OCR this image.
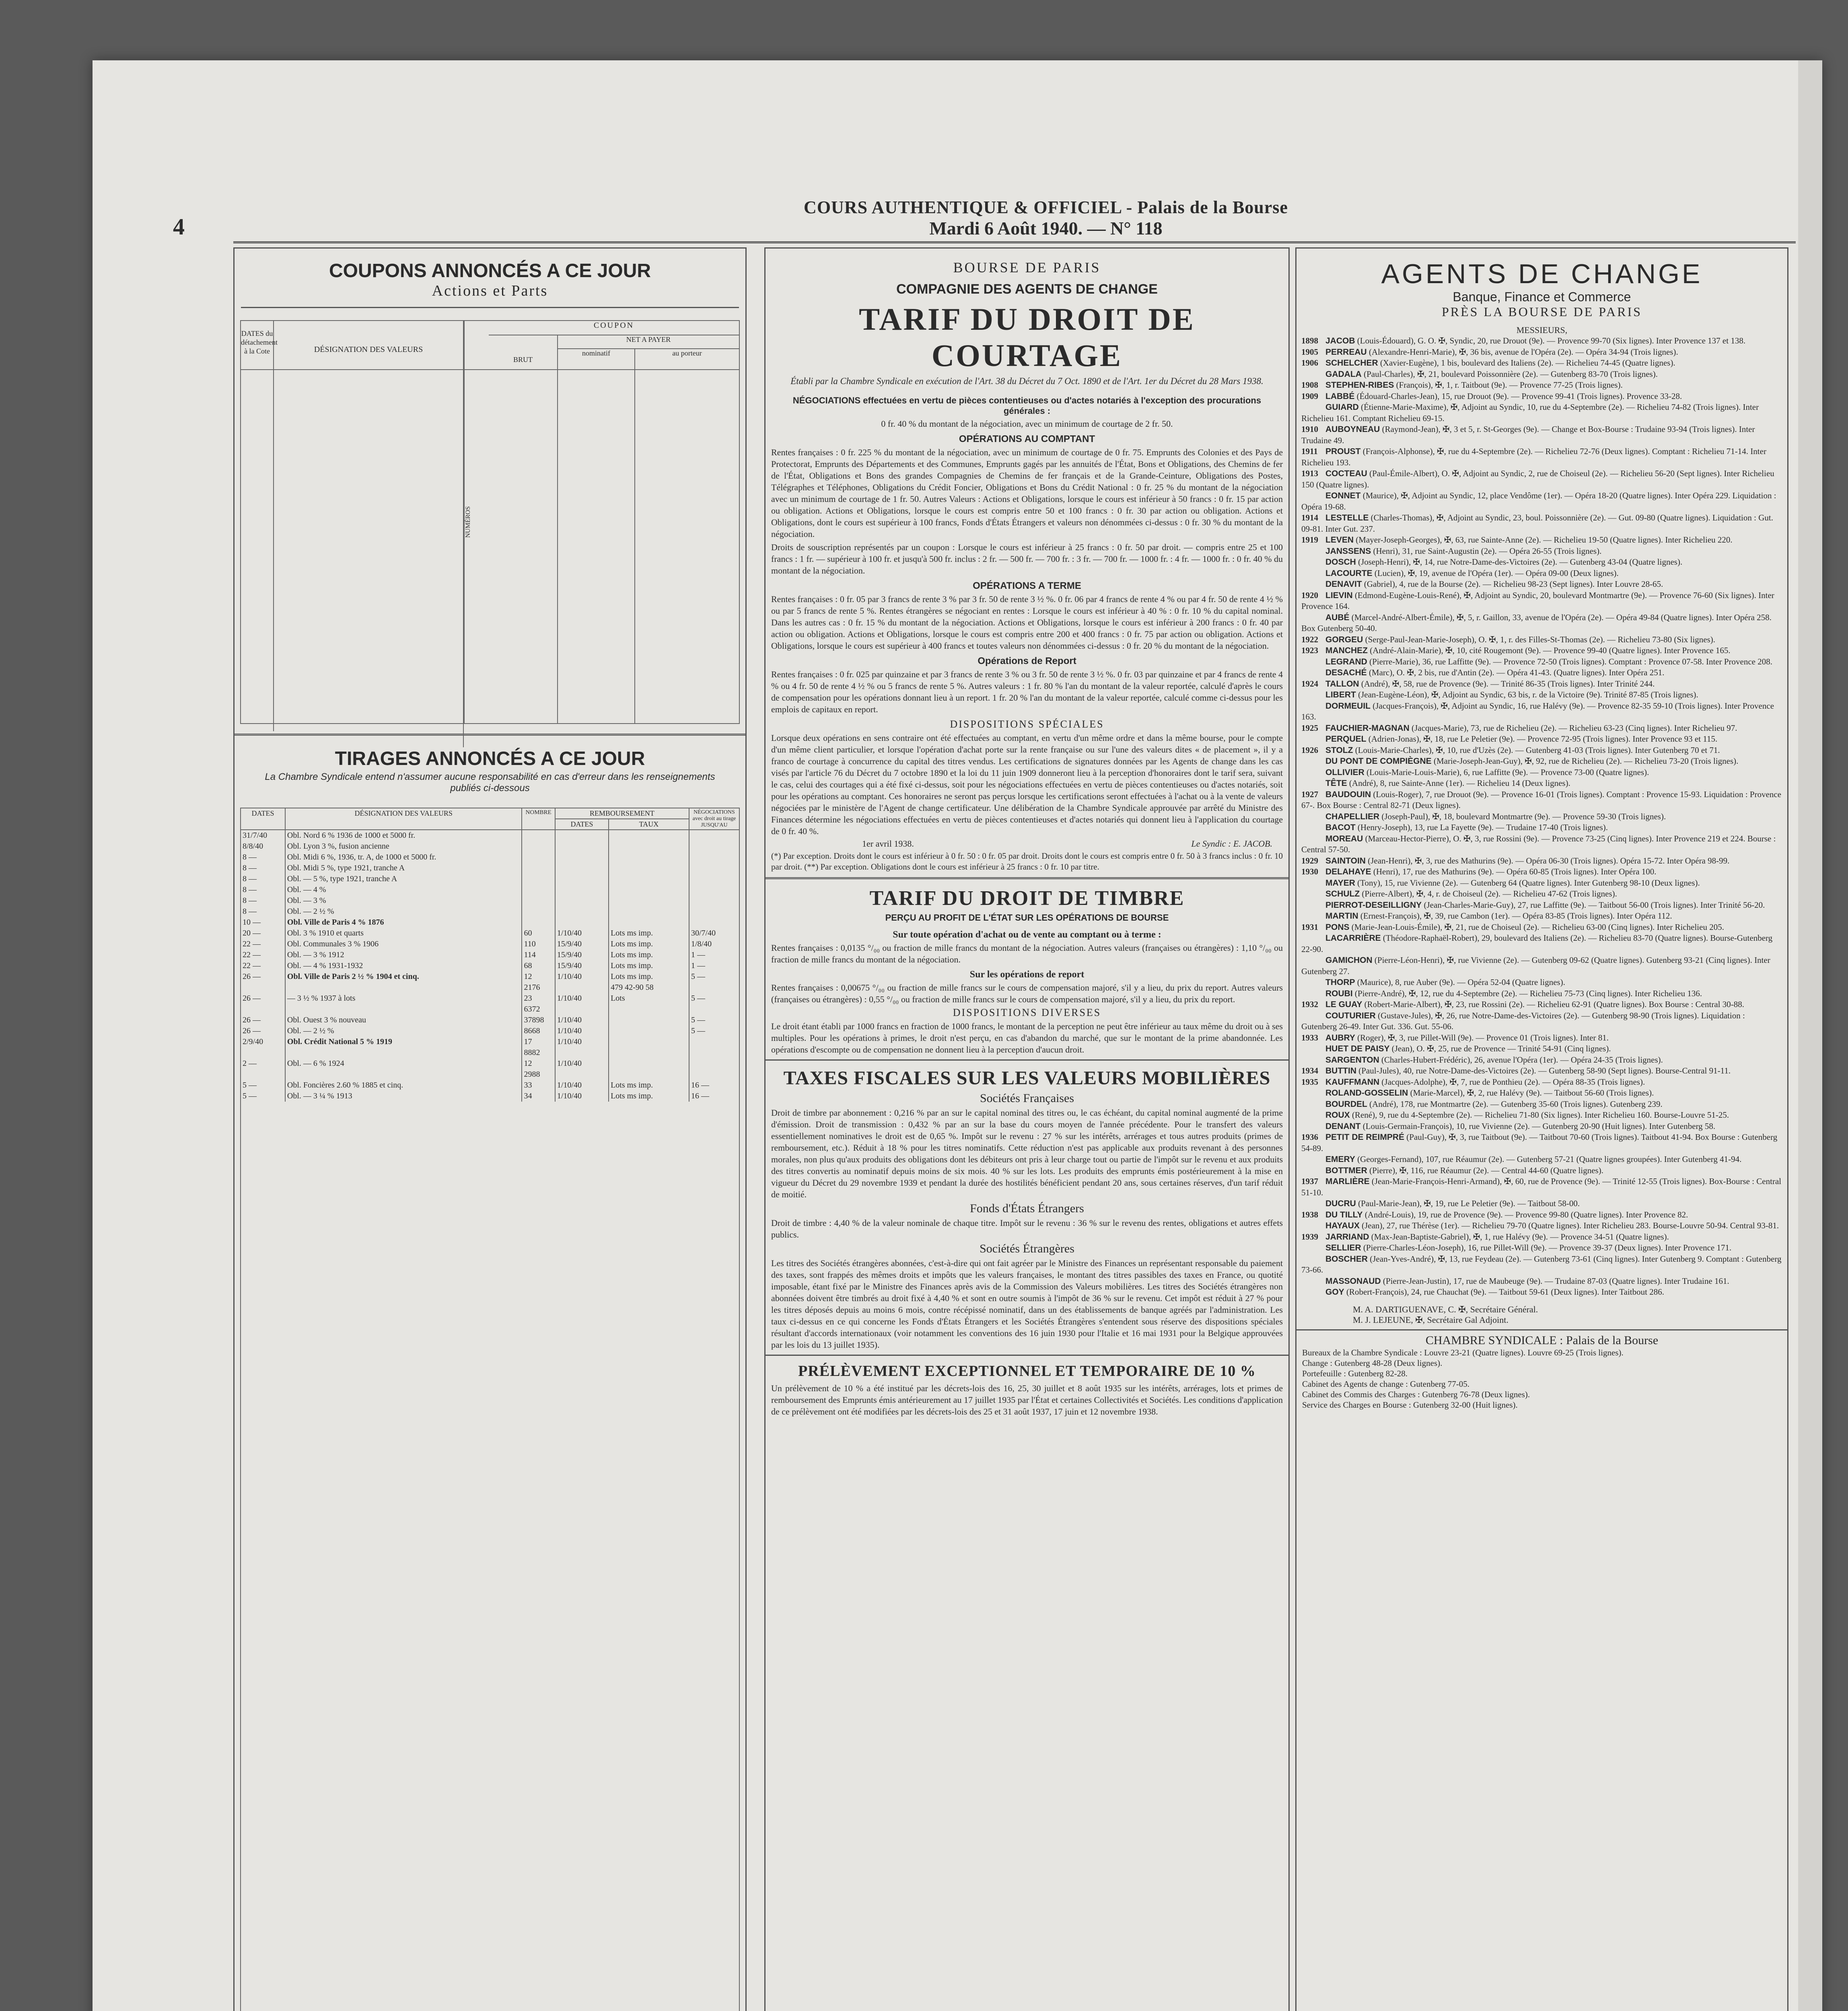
4
COURS AUTHENTIQUE & OFFICIEL - Palais de la Bourse
Mardi 6 Août 1940. — N° 118
COUPONS ANNONCÉS A CE JOUR
Actions et Parts
DATES du détachement à la Cote	DÉSIGNATION DES VALEURS
NUMÉROS
COUPON
BRUT
NET A PAYER
nominatif	au porteur
TIRAGES ANNONCÉS A CE JOUR
La Chambre Syndicale entend n'assumer aucune responsabilité en cas d'erreur dans les renseignements publiés ci-dessous
DATES	DÉSIGNATION DES VALEURS	NOMBRE	REMBOURSEMENT		NÉGOCIATIONS avec droit au tirage JUSQU'AU
			DATES	TAUX	
31/7/40	Obl. Nord 6 % 1936 de 1000 et 5000 fr.				
8/8/40	Obl. Lyon 3 %, fusion ancienne				
8 —	Obl. Midi 6 %, 1936, tr. A, de 1000 et 5000 fr.				
8 —	Obl. Midi 5 %, type 1921, tranche A				
8 —	Obl. — 5 %, type 1921, tranche A				
8 —	Obl. — 4 %				
8 —	Obl. — 3 %				
8 —	Obl. — 2 ½ %				
10 —	Obl. Ville de Paris 4 % 1876				
20 —	Obl. 3 % 1910 et quarts	60	1/10/40	Lots ms imp.	30/7/40
22 —	Obl. Communales 3 % 1906	110	15/9/40	Lots ms imp.	1/8/40
22 —	Obl. — 3 % 1912	114	15/9/40	Lots ms imp.	1 —
22 —	Obl. — 4 % 1931-1932	68	15/9/40	Lots ms imp.	1 —
26 —	Obl. Ville de Paris 2 ½ % 1904 et cinq.	12	1/10/40	Lots ms imp.	5 —
		2176		479 42-90 58	
26 —	— 3 ½ % 1937 à lots	23	1/10/40	Lots	5 —
		6372			
26 —	Obl. Ouest 3 % nouveau	37898	1/10/40		5 —
26 —	Obl. — 2 ½ %	8668	1/10/40		5 —
2/9/40	Obl. Crédit National 5 % 1919	17	1/10/40		
		8882			
2 —	Obl. — 6 % 1924	12	1/10/40		
		2988			
5 —	Obl. Foncières 2.60 % 1885 et cinq.	33	1/10/40	Lots ms imp.	16 —
5 —	Obl. — 3 ¼ % 1913	34	1/10/40	Lots ms imp.	16 —
BOURSE DE PARIS
COMPAGNIE DES AGENTS DE CHANGE
TARIF DU DROIT DE COURTAGE
Établi par la Chambre Syndicale en exécution de l'Art. 38 du Décret du 7 Oct. 1890 et de l'Art. 1er du Décret du 28 Mars 1938.
NÉGOCIATIONS effectuées en vertu de pièces contentieuses ou d'actes notariés à l'exception des procurations générales :
0 fr. 40 % du montant de la négociation, avec un minimum de courtage de 2 fr. 50.
OPÉRATIONS AU COMPTANT
Rentes françaises : 0 fr. 225 % du montant de la négociation, avec un minimum de courtage de 0 fr. 75. Emprunts des Colonies et des Pays de Protectorat, Emprunts des Départements et des Communes, Emprunts gagés par les annuités de l'État, Bons et Obligations, des Chemins de fer de l'État, Obligations et Bons des grandes Compagnies de Chemins de fer français et de la Grande-Ceinture, Obligations des Postes, Télégraphes et Téléphones, Obligations du Crédit Foncier, Obligations et Bons du Crédit National : 0 fr. 25 % du montant de la négociation avec un minimum de courtage de 1 fr. 50. Autres Valeurs : Actions et Obligations, lorsque le cours est inférieur à 50 francs : 0 fr. 15 par action ou obligation. Actions et Obligations, lorsque le cours est compris entre 50 et 100 francs : 0 fr. 30 par action ou obligation. Actions et Obligations, dont le cours est supérieur à 100 francs, Fonds d'États Étrangers et valeurs non dénommées ci-dessus : 0 fr. 30 % du montant de la négociation.
Droits de souscription représentés par un coupon : Lorsque le cours est inférieur à 25 francs : 0 fr. 50 par droit. — compris entre 25 et 100 francs : 1 fr. — supérieur à 100 fr. et jusqu'à 500 fr. inclus : 2 fr. — 500 fr. — 700 fr. : 3 fr. — 700 fr. — 1000 fr. : 4 fr. — 1000 fr. : 0 fr. 40 % du montant de la négociation.
OPÉRATIONS A TERME
Rentes françaises : 0 fr. 05 par 3 francs de rente 3 % par 3 fr. 50 de rente 3 ½ %. 0 fr. 06 par 4 francs de rente 4 % ou par 4 fr. 50 de rente 4 ½ % ou par 5 francs de rente 5 %. Rentes étrangères se négociant en rentes : Lorsque le cours est inférieur à 40 % : 0 fr. 10 % du capital nominal. Dans les autres cas : 0 fr. 15 % du montant de la négociation. Actions et Obligations, lorsque le cours est inférieur à 200 francs : 0 fr. 40 par action ou obligation. Actions et Obligations, lorsque le cours est compris entre 200 et 400 francs : 0 fr. 75 par action ou obligation. Actions et Obligations, lorsque le cours est supérieur à 400 francs et toutes valeurs non dénommées ci-dessus : 0 fr. 20 % du montant de la négociation.
Opérations de Report
Rentes françaises : 0 fr. 025 par quinzaine et par 3 francs de rente 3 % ou 3 fr. 50 de rente 3 ½ %. 0 fr. 03 par quinzaine et par 4 francs de rente 4 % ou 4 fr. 50 de rente 4 ½ % ou 5 francs de rente 5 %. Autres valeurs : 1 fr. 80 % l'an du montant de la valeur reportée, calculé d'après le cours de compensation pour les opérations donnant lieu à un report. 1 fr. 20 % l'an du montant de la valeur reportée, calculé comme ci-dessus pour les emplois de capitaux en report.
DISPOSITIONS SPÉCIALES
Lorsque deux opérations en sens contraire ont été effectuées au comptant, en vertu d'un même ordre et dans la même bourse, pour le compte d'un même client particulier, et lorsque l'opération d'achat porte sur la rente française ou sur l'une des valeurs dites « de placement », il y a franco de courtage à concurrence du capital des titres vendus. Les certifications de signatures données par les Agents de change dans les cas visés par l'article 76 du Décret du 7 octobre 1890 et la loi du 11 juin 1909 donneront lieu à la perception d'honoraires dont le tarif sera, suivant le cas, celui des courtages qui a été fixé ci-dessus, soit pour les négociations effectuées en vertu de pièces contentieuses ou d'actes notariés, soit pour les opérations au comptant. Ces honoraires ne seront pas perçus lorsque les certifications seront effectuées à l'achat ou à la vente de valeurs négociées par le ministère de l'Agent de change certificateur. Une délibération de la Chambre Syndicale approuvée par arrêté du Ministre des Finances détermine les négociations effectuées en vertu de pièces contentieuses et d'actes notariés qui donnent lieu à l'application du courtage de 0 fr. 40 %.
1er avril 1938.	Le Syndic : E. JACOB.
(*) Par exception. Droits dont le cours est inférieur à 0 fr. 50 : 0 fr. 05 par droit. Droits dont le cours est compris entre 0 fr. 50 à 3 francs inclus : 0 fr. 10 par droit. (**) Par exception. Obligations dont le cours est inférieur à 25 francs : 0 fr. 10 par titre.
TARIF DU DROIT DE TIMBRE
PERÇU AU PROFIT DE L'ÉTAT SUR LES OPÉRATIONS DE BOURSE
Sur toute opération d'achat ou de vente au comptant ou à terme :
Rentes françaises : 0,0135 °/₀₀ ou fraction de mille francs du montant de la négociation. Autres valeurs (françaises ou étrangères) : 1,10 °/₀₀ ou fraction de mille francs du montant de la négociation.
Sur les opérations de report
Rentes françaises : 0,00675 °/₀₀ ou fraction de mille francs sur le cours de compensation majoré, s'il y a lieu, du prix du report. Autres valeurs (françaises ou étrangères) : 0,55 °/₀₀ ou fraction de mille francs sur le cours de compensation majoré, s'il y a lieu, du prix du report.
DISPOSITIONS DIVERSES
Le droit étant établi par 1000 francs en fraction de 1000 francs, le montant de la perception ne peut être inférieur au taux même du droit ou à ses multiples. Pour les opérations à primes, le droit n'est perçu, en cas d'abandon du marché, que sur le montant de la prime abandonnée. Les opérations d'escompte ou de compensation ne donnent lieu à la perception d'aucun droit.
TAXES FISCALES SUR LES VALEURS MOBILIÈRES
Sociétés Françaises
Droit de timbre par abonnement : 0,216 % par an sur le capital nominal des titres ou, le cas échéant, du capital nominal augmenté de la prime d'émission. Droit de transmission : 0,432 % par an sur la base du cours moyen de l'année précédente. Pour le transfert des valeurs essentiellement nominatives le droit est de 0,65 %. Impôt sur le revenu : 27 % sur les intérêts, arrérages et tous autres produits (primes de remboursement, etc.). Réduit à 18 % pour les titres nominatifs. Cette réduction n'est pas applicable aux produits revenant à des personnes morales, non plus qu'aux produits des obligations dont les débiteurs ont pris à leur charge tout ou partie de l'impôt sur le revenu et aux produits des titres convertis au nominatif depuis moins de six mois. 40 % sur les lots. Les produits des emprunts émis postérieurement à la mise en vigueur du Décret du 29 novembre 1939 et pendant la durée des hostilités bénéficient pendant 20 ans, sous certaines réserves, d'un tarif réduit de moitié.
Fonds d'États Étrangers
Droit de timbre : 4,40 % de la valeur nominale de chaque titre. Impôt sur le revenu : 36 % sur le revenu des rentes, obligations et autres effets publics.
Sociétés Étrangères
Les titres des Sociétés étrangères abonnées, c'est-à-dire qui ont fait agréer par le Ministre des Finances un représentant responsable du paiement des taxes, sont frappés des mêmes droits et impôts que les valeurs françaises, le montant des titres passibles des taxes en France, ou quotité imposable, étant fixé par le Ministre des Finances après avis de la Commission des Valeurs mobilières. Les titres des Sociétés étrangères non abonnées doivent être timbrés au droit fixé à 4,40 % et sont en outre soumis à l'impôt de 36 % sur le revenu. Cet impôt est réduit à 27 % pour les titres déposés depuis au moins 6 mois, contre récépissé nominatif, dans un des établissements de banque agréés par l'administration. Les taux ci-dessus en ce qui concerne les Fonds d'États Étrangers et les Sociétés Étrangères s'entendent sous réserve des dispositions spéciales résultant d'accords internationaux (voir notamment les conventions des 16 juin 1930 pour l'Italie et 16 mai 1931 pour la Belgique approuvées par les lois du 13 juillet 1935).
PRÉLÈVEMENT EXCEPTIONNEL ET TEMPORAIRE DE 10 %
Un prélèvement de 10 % a été institué par les décrets-lois des 16, 25, 30 juillet et 8 août 1935 sur les intérêts, arrérages, lots et primes de remboursement des Emprunts émis antérieurement au 17 juillet 1935 par l'État et certaines Collectivités et Sociétés. Les conditions d'application de ce prélèvement ont été modifiées par les décrets-lois des 25 et 31 août 1937, 17 juin et 12 novembre 1938.
AGENTS DE CHANGE
Banque, Finance et Commerce
PRÈS LA BOURSE DE PARIS
MESSIEURS,
1898 JACOB (Louis-Édouard), G. O. ✠, Syndic, 20, rue Drouot (9e). — Provence 99-70 (Six lignes). Inter Provence 137 et 138.
1905 PERREAU (Alexandre-Henri-Marie), ✠, 36 bis, avenue de l'Opéra (2e). — Opéra 34-94 (Trois lignes).
1906 SCHELCHER (Xavier-Eugène), 1 bis, boulevard des Italiens (2e). — Richelieu 74-45 (Quatre lignes).
GADALA (Paul-Charles), ✠, 21, boulevard Poissonnière (2e). — Gutenberg 83-70 (Trois lignes).
1908 STEPHEN-RIBES (François), ✠, 1, r. Taitbout (9e). — Provence 77-25 (Trois lignes).
1909 LABBÉ (Édouard-Charles-Jean), 15, rue Drouot (9e). — Provence 99-41 (Trois lignes). Provence 33-28.
GUIARD (Étienne-Marie-Maxime), ✠, Adjoint au Syndic, 10, rue du 4-Septembre (2e). — Richelieu 74-82 (Trois lignes). Inter Richelieu 161. Comptant Richelieu 69-15.
1910 AUBOYNEAU (Raymond-Jean), ✠, 3 et 5, r. St-Georges (9e). — Change et Box-Bourse : Trudaine 93-94 (Trois lignes). Inter Trudaine 49.
1911 PROUST (François-Alphonse), ✠, rue du 4-Septembre (2e). — Richelieu 72-76 (Deux lignes). Comptant : Richelieu 71-14. Inter Richelieu 193.
1913 COCTEAU (Paul-Émile-Albert), O. ✠, Adjoint au Syndic, 2, rue de Choiseul (2e). — Richelieu 56-20 (Sept lignes). Inter Richelieu 150 (Quatre lignes).
EONNET (Maurice), ✠, Adjoint au Syndic, 12, place Vendôme (1er). — Opéra 18-20 (Quatre lignes). Inter Opéra 229. Liquidation : Opéra 19-68.
1914 LESTELLE (Charles-Thomas), ✠, Adjoint au Syndic, 23, boul. Poissonnière (2e). — Gut. 09-80 (Quatre lignes). Liquidation : Gut. 09-81. Inter Gut. 237.
1919 LEVEN (Mayer-Joseph-Georges), ✠, 63, rue Sainte-Anne (2e). — Richelieu 19-50 (Quatre lignes). Inter Richelieu 220.
JANSSENS (Henri), 31, rue Saint-Augustin (2e). — Opéra 26-55 (Trois lignes).
DOSCH (Joseph-Henri), ✠, 14, rue Notre-Dame-des-Victoires (2e). — Gutenberg 43-04 (Quatre lignes).
LACOURTE (Lucien), ✠, 19, avenue de l'Opéra (1er). — Opéra 09-00 (Deux lignes).
DENAVIT (Gabriel), 4, rue de la Bourse (2e). — Richelieu 98-23 (Sept lignes). Inter Louvre 28-65.
1920 LIEVIN (Edmond-Eugène-Louis-René), ✠, Adjoint au Syndic, 20, boulevard Montmartre (9e). — Provence 76-60 (Six lignes). Inter Provence 164.
AUBÉ (Marcel-André-Albert-Émile), ✠, 5, r. Gaillon, 33, avenue de l'Opéra (2e). — Opéra 49-84 (Quatre lignes). Inter Opéra 258. Box Gutenberg 50-40.
1922 GORGEU (Serge-Paul-Jean-Marie-Joseph), O. ✠, 1, r. des Filles-St-Thomas (2e). — Richelieu 73-80 (Six lignes).
1923 MANCHEZ (André-Alain-Marie), ✠, 10, cité Rougemont (9e). — Provence 99-40 (Quatre lignes). Inter Provence 165.
LEGRAND (Pierre-Marie), 36, rue Laffitte (9e). — Provence 72-50 (Trois lignes). Comptant : Provence 07-58. Inter Provence 208.
DESACHÉ (Marc), O. ✠, 2 bis, rue d'Antin (2e). — Opéra 41-43. (Quatre lignes). Inter Opéra 251.
1924 TALLON (André), ✠, 58, rue de Provence (9e). — Trinité 86-35 (Trois lignes). Inter Trinité 244.
LIBERT (Jean-Eugène-Léon), ✠, Adjoint au Syndic, 63 bis, r. de la Victoire (9e). Trinité 87-85 (Trois lignes).
DORMEUIL (Jacques-François), ✠, Adjoint au Syndic, 16, rue Halévy (9e). — Provence 82-35 59-10 (Trois lignes). Inter Provence 163.
1925 FAUCHIER-MAGNAN (Jacques-Marie), 73, rue de Richelieu (2e). — Richelieu 63-23 (Cinq lignes). Inter Richelieu 97.
PERQUEL (Adrien-Jonas), ✠, 18, rue Le Peletier (9e). — Provence 72-95 (Trois lignes). Inter Provence 93 et 115.
1926 STOLZ (Louis-Marie-Charles), ✠, 10, rue d'Uzès (2e). — Gutenberg 41-03 (Trois lignes). Inter Gutenberg 70 et 71.
DU PONT DE COMPIÈGNE (Marie-Joseph-Jean-Guy), ✠, 92, rue de Richelieu (2e). — Richelieu 73-20 (Trois lignes).
OLLIVIER (Louis-Marie-Louis-Marie), 6, rue Laffitte (9e). — Provence 73-00 (Quatre lignes).
TÊTE (André), 8, rue Sainte-Anne (1er). — Richelieu 14 (Deux lignes).
1927 BAUDOUIN (Louis-Roger), 7, rue Drouot (9e). — Provence 16-01 (Trois lignes). Comptant : Provence 15-93. Liquidation : Provence 67-. Box Bourse : Central 82-71 (Deux lignes).
CHAPELLIER (Joseph-Paul), ✠, 18, boulevard Montmartre (9e). — Provence 59-30 (Trois lignes).
BACOT (Henry-Joseph), 13, rue La Fayette (9e). — Trudaine 17-40 (Trois lignes).
MOREAU (Marceau-Hector-Pierre), O. ✠, 3, rue Rossini (9e). — Provence 73-25 (Cinq lignes). Inter Provence 219 et 224. Bourse : Central 57-50.
1929 SAINTOIN (Jean-Henri), ✠, 3, rue des Mathurins (9e). — Opéra 06-30 (Trois lignes). Opéra 15-72. Inter Opéra 98-99.
1930 DELAHAYE (Henri), 17, rue des Mathurins (9e). — Opéra 60-85 (Trois lignes). Inter Opéra 100.
MAYER (Tony), 15, rue Vivienne (2e). — Gutenberg 64 (Quatre lignes). Inter Gutenberg 98-10 (Deux lignes).
SCHULZ (Pierre-Albert), ✠, 4, r. de Choiseul (2e). — Richelieu 47-62 (Trois lignes).
PIERROT-DESEILLIGNY (Jean-Charles-Marie-Guy), 27, rue Laffitte (9e). — Taitbout 56-00 (Trois lignes). Inter Trinité 56-20.
MARTIN (Ernest-François), ✠, 39, rue Cambon (1er). — Opéra 83-85 (Trois lignes). Inter Opéra 112.
1931 PONS (Marie-Jean-Louis-Émile), ✠, 21, rue de Choiseul (2e). — Richelieu 63-00 (Cinq lignes). Inter Richelieu 205.
LACARRIÈRE (Théodore-Raphaël-Robert), 29, boulevard des Italiens (2e). — Richelieu 83-70 (Quatre lignes). Bourse-Gutenberg 22-90.
GAMICHON (Pierre-Léon-Henri), ✠, rue Vivienne (2e). — Gutenberg 09-62 (Quatre lignes). Gutenberg 93-21 (Cinq lignes). Inter Gutenberg 27.
THORP (Maurice), 8, rue Auber (9e). — Opéra 52-04 (Quatre lignes).
ROUBI (Pierre-André), ✠, 12, rue du 4-Septembre (2e). — Richelieu 75-73 (Cinq lignes). Inter Richelieu 136.
1932 LE GUAY (Robert-Marie-Albert), ✠, 23, rue Rossini (2e). — Richelieu 62-91 (Quatre lignes). Box Bourse : Central 30-88.
COUTURIER (Gustave-Jules), ✠, 26, rue Notre-Dame-des-Victoires (2e). — Gutenberg 98-90 (Trois lignes). Liquidation : Gutenberg 26-49. Inter Gut. 336. Gut. 55-06.
1933 AUBRY (Roger), ✠, 3, rue Pillet-Will (9e). — Provence 01 (Trois lignes). Inter 81.
HUET DE PAISY (Jean), O. ✠, 25, rue de Provence — Trinité 54-91 (Cinq lignes).
SARGENTON (Charles-Hubert-Frédéric), 26, avenue l'Opéra (1er). — Opéra 24-35 (Trois lignes).
1934 BUTTIN (Paul-Jules), 40, rue Notre-Dame-des-Victoires (2e). — Gutenberg 58-90 (Sept lignes). Bourse-Central 91-11.
1935 KAUFFMANN (Jacques-Adolphe), ✠, 7, rue de Ponthieu (2e). — Opéra 88-35 (Trois lignes).
ROLAND-GOSSELIN (Marie-Marcel), ✠, 2, rue Halévy (9e). — Taitbout 56-60 (Trois lignes).
BOURDEL (André), 178, rue Montmartre (2e). — Gutenberg 35-60 (Trois lignes). Gutenberg 239.
ROUX (René), 9, rue du 4-Septembre (2e). — Richelieu 71-80 (Six lignes). Inter Richelieu 160. Bourse-Louvre 51-25.
DENANT (Louis-Germain-François), 10, rue Vivienne (2e). — Gutenberg 20-90 (Huit lignes). Inter Gutenberg 58.
1936 PETIT DE REIMPRÉ (Paul-Guy), ✠, 3, rue Taitbout (9e). — Taitbout 70-60 (Trois lignes). Taitbout 41-94. Box Bourse : Gutenberg 54-89.
EMERY (Georges-Fernand), 107, rue Réaumur (2e). — Gutenberg 57-21 (Quatre lignes groupées). Inter Gutenberg 41-94.
BOTTMER (Pierre), ✠, 116, rue Réaumur (2e). — Central 44-60 (Quatre lignes).
1937 MARLIÈRE (Jean-Marie-François-Henri-Armand), ✠, 60, rue de Provence (9e). — Trinité 12-55 (Trois lignes). Box-Bourse : Central 51-10.
DUCRU (Paul-Marie-Jean), ✠, 19, rue Le Peletier (9e). — Taitbout 58-00.
1938 DU TILLY (André-Louis), 19, rue de Provence (9e). — Provence 99-80 (Quatre lignes). Inter Provence 82.
HAYAUX (Jean), 27, rue Thérèse (1er). — Richelieu 79-70 (Quatre lignes). Inter Richelieu 283. Bourse-Louvre 50-94. Central 93-81.
1939 JARRIAND (Max-Jean-Baptiste-Gabriel), ✠, 1, rue Halévy (9e). — Provence 34-51 (Quatre lignes).
SELLIER (Pierre-Charles-Léon-Joseph), 16, rue Pillet-Will (9e). — Provence 39-37 (Deux lignes). Inter Provence 171.
BOSCHER (Jean-Yves-André), ✠, 13, rue Feydeau (2e). — Gutenberg 73-61 (Cinq lignes). Inter Gutenberg 9. Comptant : Gutenberg 73-66.
MASSONAUD (Pierre-Jean-Justin), 17, rue de Maubeuge (9e). — Trudaine 87-03 (Quatre lignes). Inter Trudaine 161.
GOY (Robert-François), 24, rue Chauchat (9e). — Taitbout 59-61 (Deux lignes). Inter Taitbout 286.
M. A. DARTIGUENAVE, C. ✠, Secrétaire Général.
M. J. LEJEUNE, ✠, Secrétaire Gal Adjoint.
CHAMBRE SYNDICALE : Palais de la Bourse
Bureaux de la Chambre Syndicale : Louvre 23-21 (Quatre lignes). Louvre 69-25 (Trois lignes).
Change : Gutenberg 48-28 (Deux lignes).
Portefeuille : Gutenberg 82-28.
Cabinet des Agents de change : Gutenberg 77-05.
Cabinet des Commis des Charges : Gutenberg 76-78 (Deux lignes).
Service des Charges en Bourse : Gutenberg 32-00 (Huit lignes).
